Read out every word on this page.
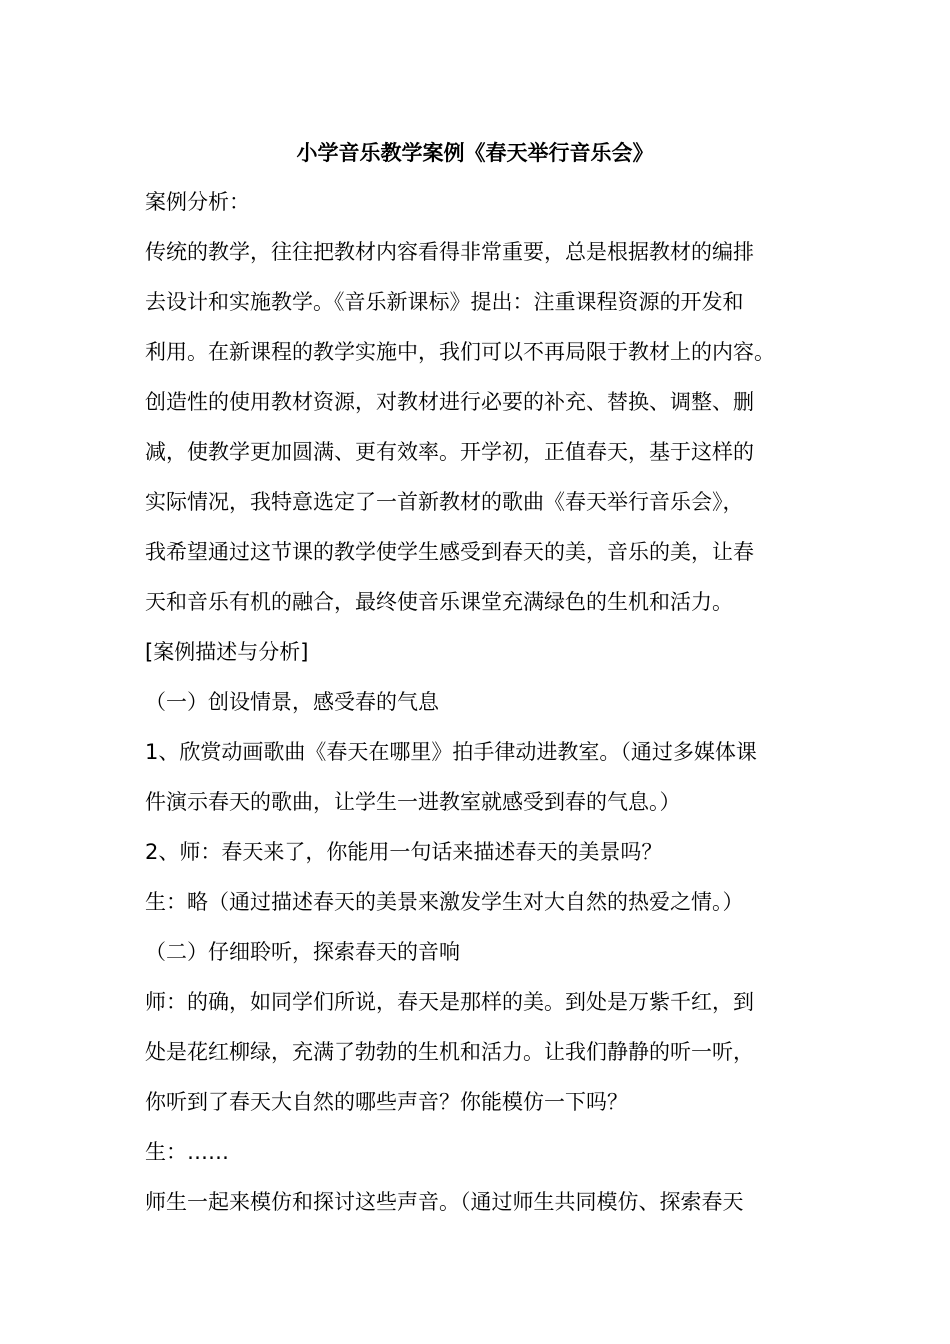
小学音乐教学案例《春天举行音乐会》
案例分析：
传统的教学，往往把教材内容看得非常重要，总是根据教材的编排
去设计和实施教学。《音乐新课标》提出：注重课程资源的开发和
利用。在新课程的教学实施中，我们可以不再局限于教材上的内容。
创造性的使用教材资源，对教材进行必要的补充、替换、调整、删
减，使教学更加圆满、更有效率。开学初，正值春天，基于这样的
实际情况，我特意选定了一首新教材的歌曲《春天举行音乐会》，
我希望通过这节课的教学使学生感受到春天的美，音乐的美，让春
天和音乐有机的融合，最终使音乐课堂充满绿色的生机和活力。
[案例描述与分析]
（一）创设情景，感受春的气息
1、欣赏动画歌曲《春天在哪里》拍手律动进教室。（通过多媒体课
件演示春天的歌曲，让学生一进教室就感受到春的气息。）
2、师：春天来了，你能用一句话来描述春天的美景吗？
生：略（通过描述春天的美景来激发学生对大自然的热爱之情。）
（二）仔细聆听，探索春天的音响
师：的确，如同学们所说，春天是那样的美。到处是万紫千红，到
处是花红柳绿，充满了勃勃的生机和活力。让我们静静的听一听，
你听到了春天大自然的哪些声音？你能模仿一下吗？
生：……
师生一起来模仿和探讨这些声音。（通过师生共同模仿、探索春天
